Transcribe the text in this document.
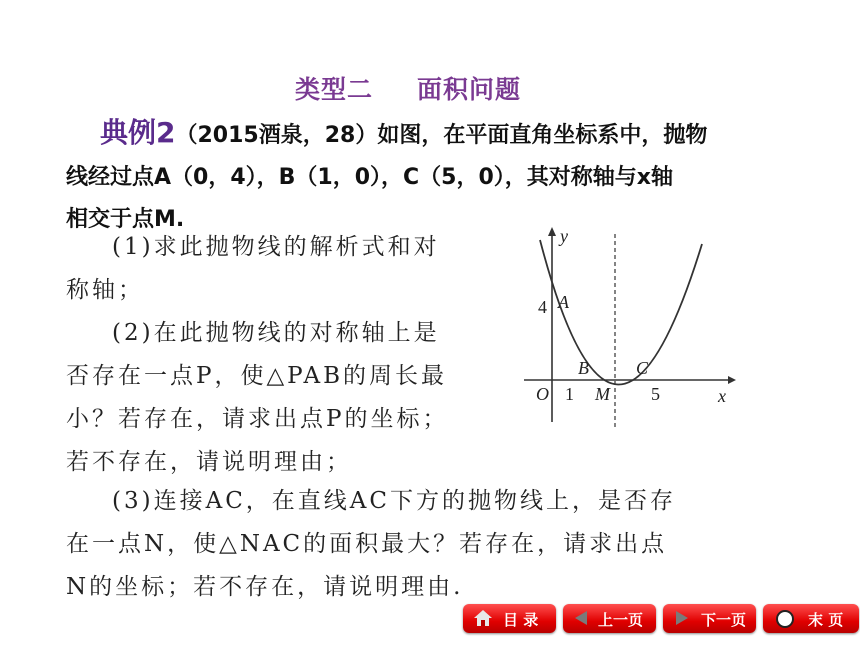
类型二 面积问题
典例2（2015酒泉，28）如图，在平面直角坐标系中，抛物
线经过点A（0，4），B（1，0），C（5，0），其对称轴与x轴
相交于点M.
(1)求此抛物线的解析式和对
称轴；
(2)在此抛物线的对称轴上是
否存在一点P，使△PAB的周长最
小？若存在，请求出点P的坐标；
若不存在，请说明理由；
(3)连接AC，在直线AC下方的抛物线上，是否存
在一点N，使△NAC的面积最大？若存在，请求出点
N的坐标；若不存在，请说明理由.
y
4 A
B	C
O 1 M 5	x
目 录	上一页	下一页	末 页
